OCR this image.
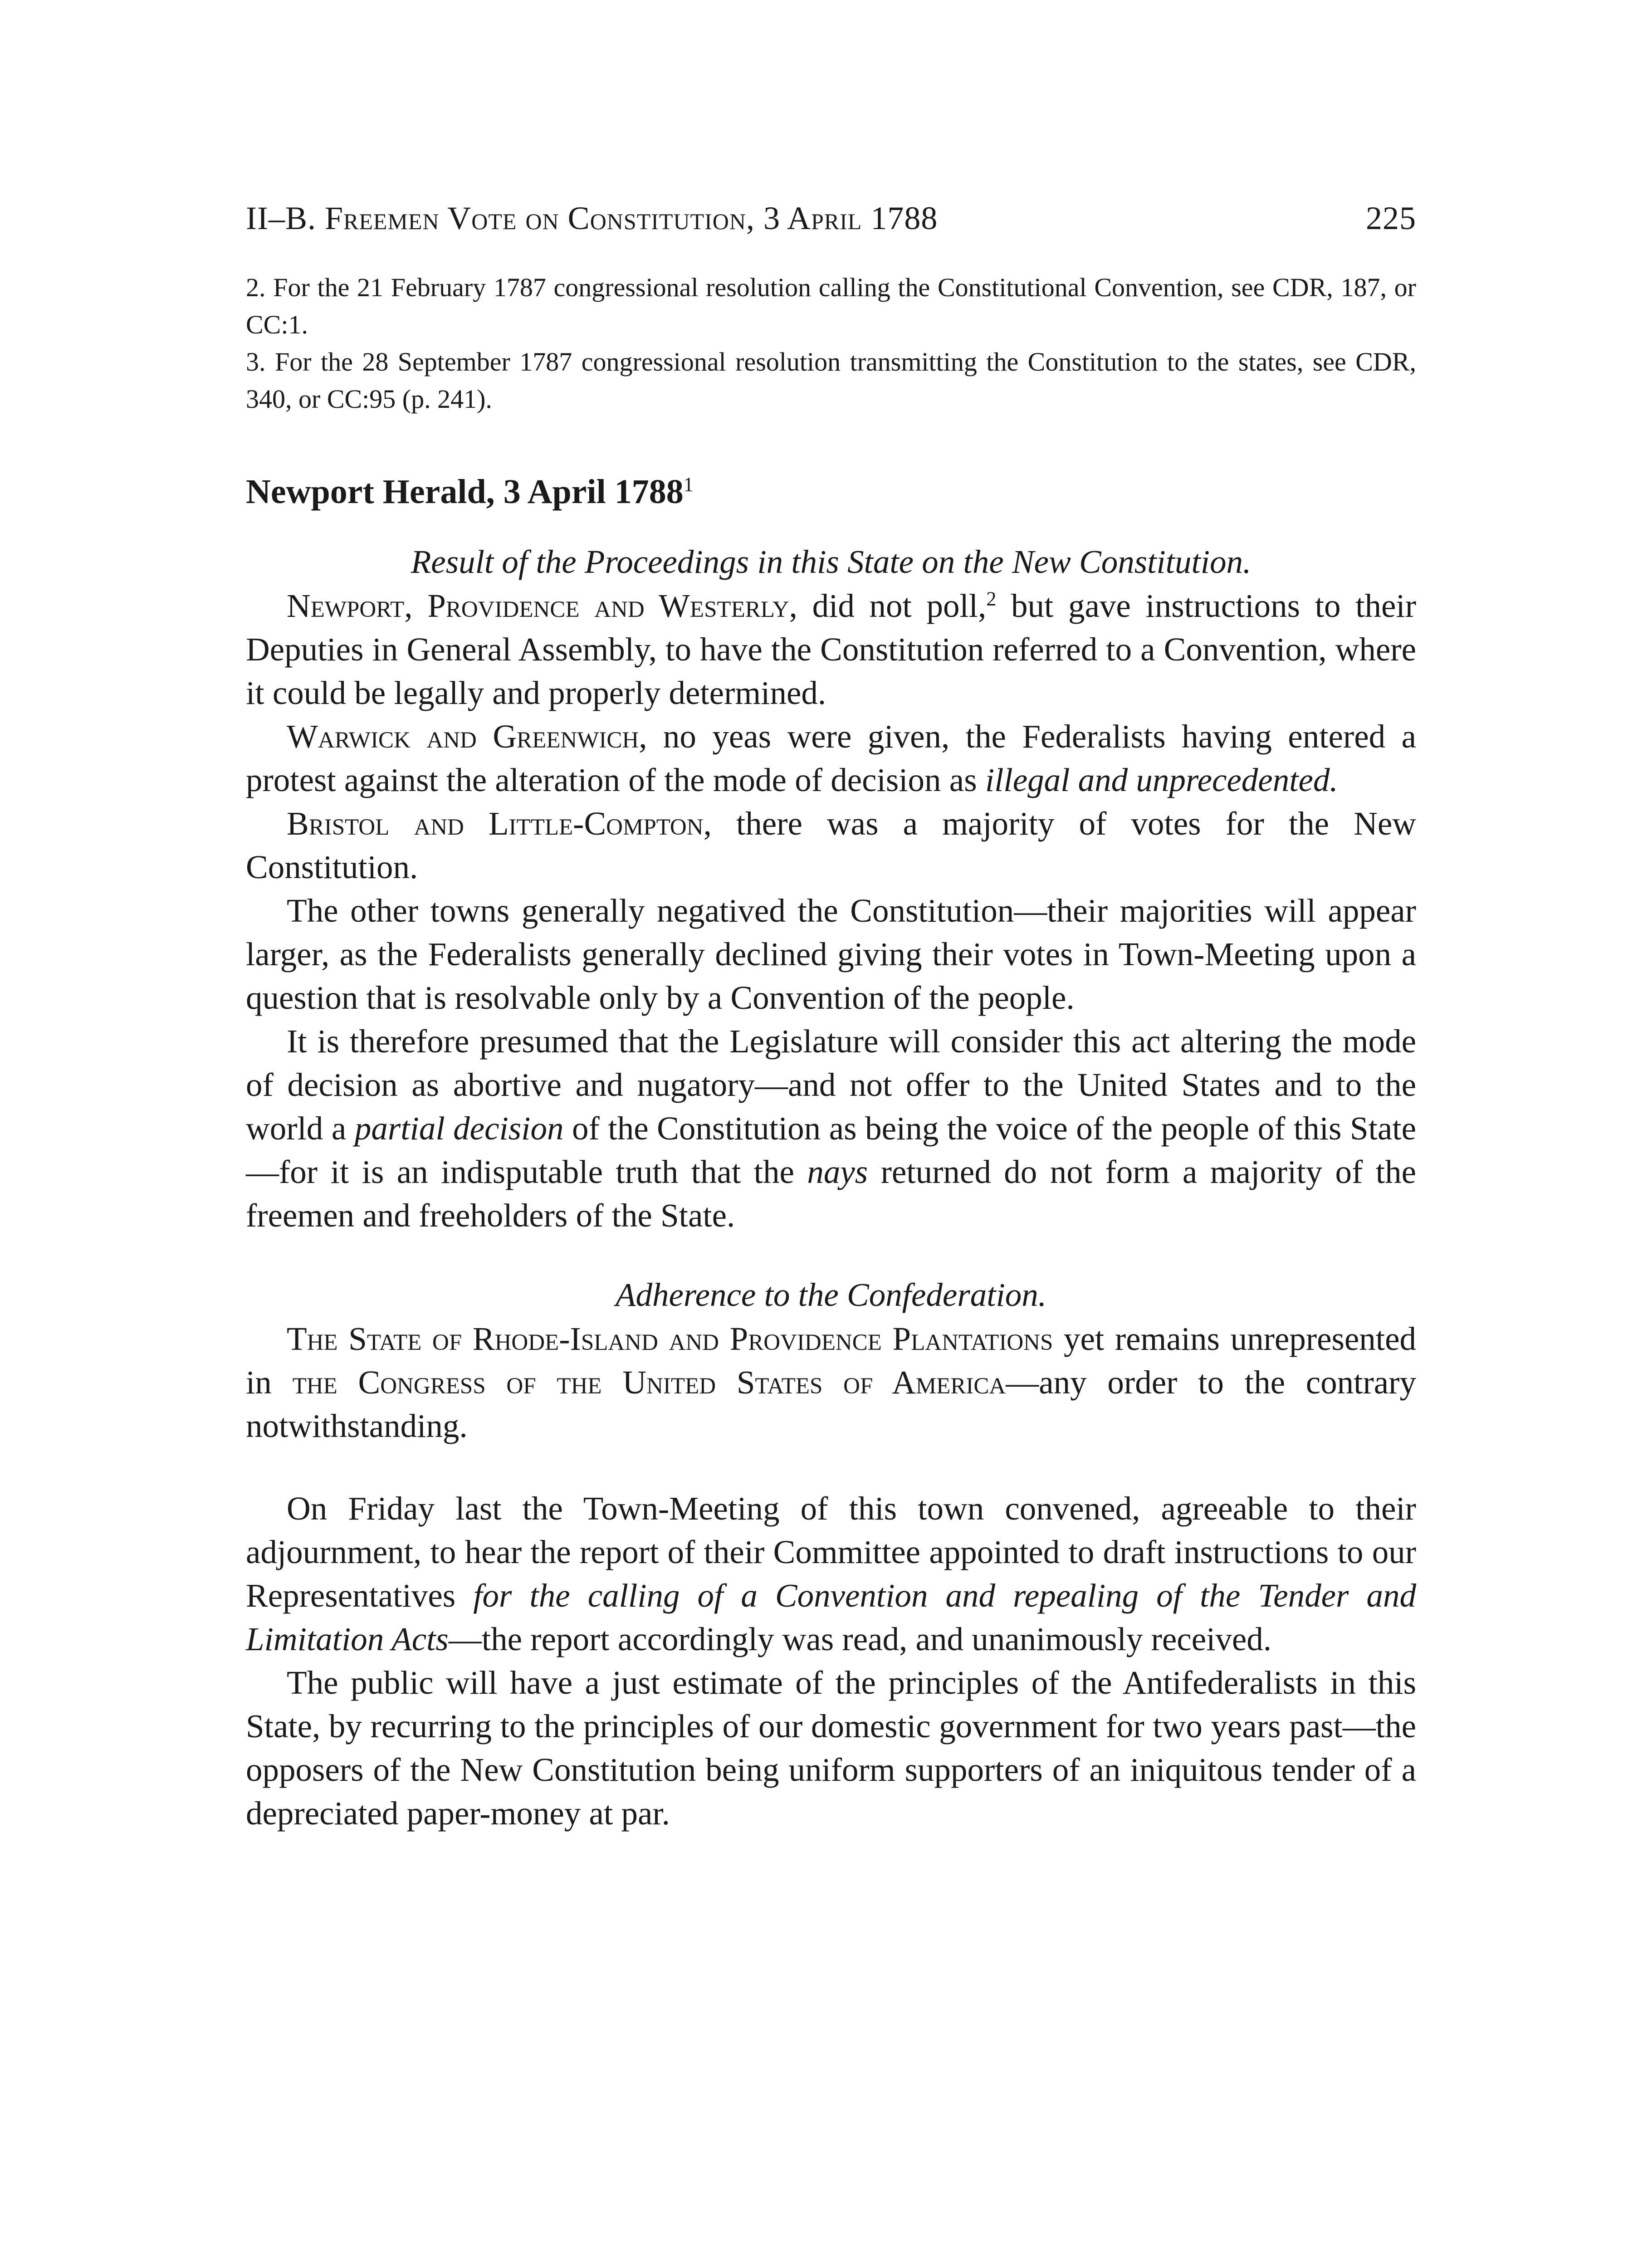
II–B. Freemen Vote on Constitution, 3 April 1788	225

2. For the 21 February 1787 congressional resolution calling the Constitutional Convention, see CDR, 187, or CC:1.

3. For the 28 September 1787 congressional resolution transmitting the Constitution to the states, see CDR, 340, or CC:95 (p. 241).

Newport Herald, 3 April 1788$^1$
Result of the Proceedings in this State on the New Constitution.

Newport, Providence and Westerly, did not poll,$^2$ but gave instructions to their Deputies in General Assembly, to have the Constitution referred to a Convention, where it could be legally and properly determined.

Warwick and Greenwich, no yeas were given, the Federalists having entered a protest against the alteration of the mode of decision as illegal and unprecedented.

Bristol and Little-Compton, there was a majority of votes for the New Constitution.

The other towns generally negatived the Constitution—their majorities will appear larger, as the Federalists generally declined giving their votes in Town-Meeting upon a question that is resolvable only by a Convention of the people.

It is therefore presumed that the Legislature will consider this act altering the mode of decision as abortive and nugatory—and not offer to the United States and to the world a partial decision of the Constitution as being the voice of the people of this State—for it is an indisputable truth that the nays returned do not form a majority of the freemen and freeholders of the State.

Adherence to the Confederation.

The State of Rhode-Island and Providence Plantations yet remains unrepresented in the Congress of the United States of America—any order to the contrary notwithstanding.

On Friday last the Town-Meeting of this town convened, agreeable to their adjournment, to hear the report of their Committee appointed to draft instructions to our Representatives for the calling of a Convention and repealing of the Tender and Limitation Acts—the report accordingly was read, and unanimously received.

The public will have a just estimate of the principles of the Antifederalists in this State, by recurring to the principles of our domestic government for two years past—the opposers of the New Constitution being uniform supporters of an iniquitous tender of a depreciated paper-money at par.
